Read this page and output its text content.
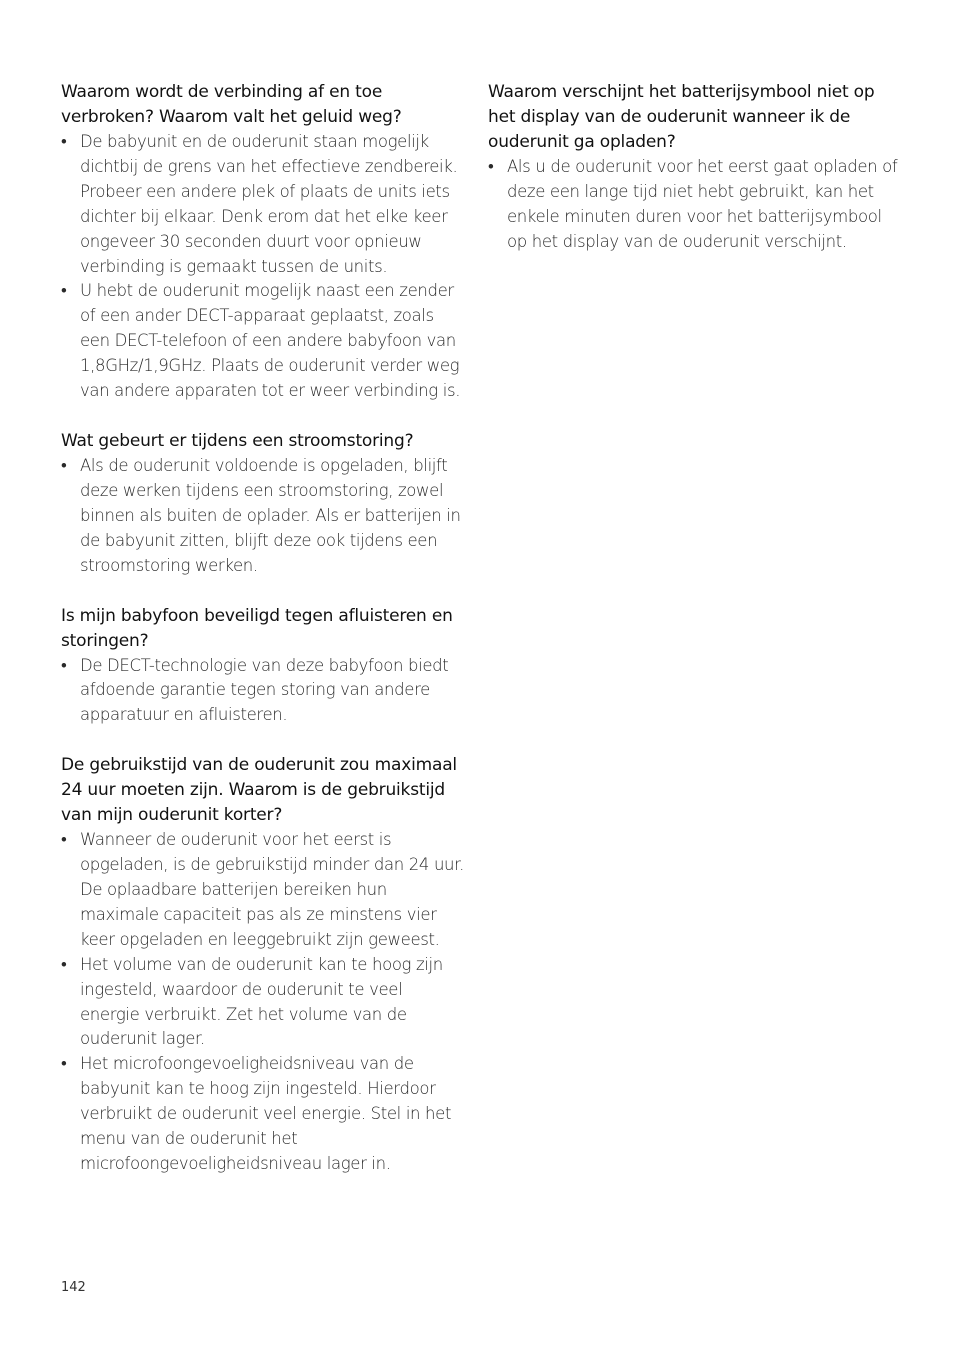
Waarom wordt de verbinding af en toe verbroken? Waarom valt het geluid weg?

• De babyunit en de ouderunit staan mogelijk dichtbij de grens van het effectieve zendbereik. Probeer een andere plek of plaats de units iets dichter bij elkaar. Denk erom dat het elke keer ongeveer 30 seconden duurt voor opnieuw verbinding is gemaakt tussen de units.
• U hebt de ouderunit mogelijk naast een zender of een ander DECT-apparaat geplaatst, zoals een DECT-telefoon of een andere babyfoon van 1,8GHz/1,9GHz. Plaats de ouderunit verder weg van andere apparaten tot er weer verbinding is.

Wat gebeurt er tijdens een stroomstoring?

• Als de ouderunit voldoende is opgeladen, blijft deze werken tijdens een stroomstoring, zowel binnen als buiten de oplader. Als er batterijen in de babyunit zitten, blijft deze ook tijdens een stroomstoring werken.

Is mijn babyfoon beveiligd tegen afluisteren en storingen?

• De DECT-technologie van deze babyfoon biedt afdoende garantie tegen storing van andere apparatuur en afluisteren.

De gebruikstijd van de ouderunit zou maximaal 24 uur moeten zijn. Waarom is de gebruikstijd van mijn ouderunit korter?

• Wanneer de ouderunit voor het eerst is opgeladen, is de gebruikstijd minder dan 24 uur. De oplaadbare batterijen bereiken hun maximale capaciteit pas als ze minstens vier keer opgeladen en leeggebruikt zijn geweest.
• Het volume van de ouderunit kan te hoog zijn ingesteld, waardoor de ouderunit te veel energie verbruikt. Zet het volume van de ouderunit lager.
• Het microfoongevoeligheidsniveau van de babyunit kan te hoog zijn ingesteld. Hierdoor verbruikt de ouderunit veel energie. Stel in het menu van de ouderunit het microfoongevoeligheidsniveau lager in.

Waarom verschijnt het batterijsymbool niet op het display van de ouderunit wanneer ik de ouderunit ga opladen?

• Als u de ouderunit voor het eerst gaat opladen of deze een lange tijd niet hebt gebruikt, kan het enkele minuten duren voor het batterijsymbool op het display van de ouderunit verschijnt.
142
